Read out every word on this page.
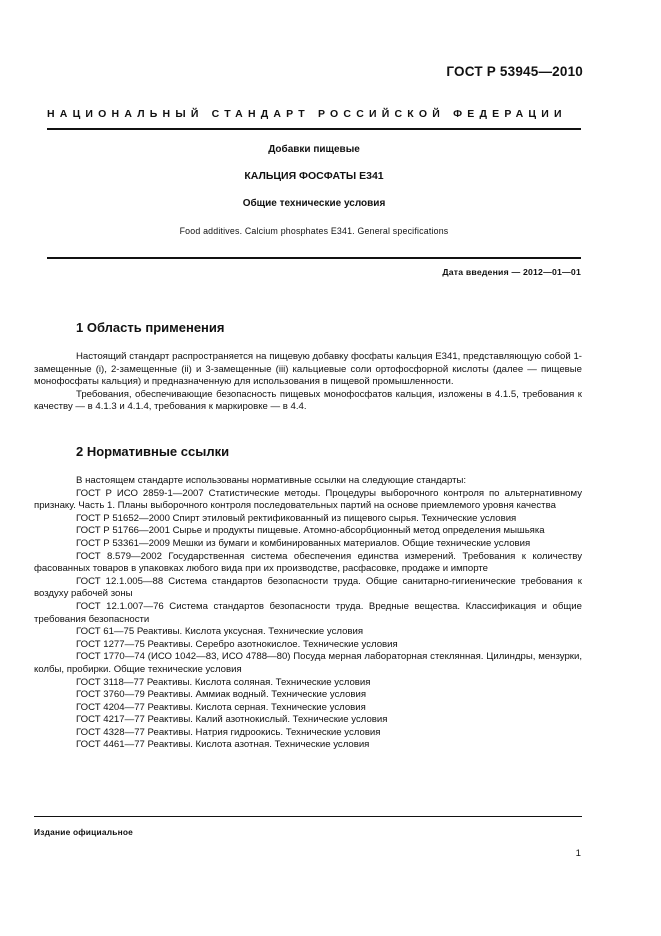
ГОСТ Р 53945—2010
НАЦИОНАЛЬНЫЙ СТАНДАРТ РОССИЙСКОЙ ФЕДЕРАЦИИ
Добавки пищевые
КАЛЬЦИЯ ФОСФАТЫ Е341
Общие технические условия
Food additives. Calcium phosphates E341. General specifications
Дата введения — 2012—01—01
1 Область применения

Настоящий стандарт распространяется на пищевую добавку фосфаты кальция Е341, представляющую собой 1-замещенные (i), 2-замещенные (ii) и 3-замещенные (iii) кальциевые соли ортофосфорной кислоты (далее — пищевые монофосфаты кальция) и предназначенную для использования в пищевой промышленности.

Требования, обеспечивающие безопасность пищевых монофосфатов кальция, изложены в 4.1.5, требования к качеству — в 4.1.3 и 4.1.4, требования к маркировке — в 4.4.

2 Нормативные ссылки

В настоящем стандарте использованы нормативные ссылки на следующие стандарты:

ГОСТ Р ИСО 2859-1—2007 Статистические методы. Процедуры выборочного контроля по альтернативному признаку. Часть 1. Планы выборочного контроля последовательных партий на основе приемлемого уровня качества

ГОСТ Р 51652—2000 Спирт этиловый ректификованный из пищевого сырья. Технические условия

ГОСТ Р 51766—2001 Сырье и продукты пищевые. Атомно-абсорбционный метод определения мышьяка

ГОСТ Р 53361—2009 Мешки из бумаги и комбинированных материалов. Общие технические условия

ГОСТ 8.579—2002 Государственная система обеспечения единства измерений. Требования к количеству фасованных товаров в упаковках любого вида при их производстве, расфасовке, продаже и импорте

ГОСТ 12.1.005—88 Система стандартов безопасности труда. Общие санитарно-гигиенические требования к воздуху рабочей зоны

ГОСТ 12.1.007—76 Система стандартов безопасности труда. Вредные вещества. Классификация и общие требования безопасности

ГОСТ 61—75 Реактивы. Кислота уксусная. Технические условия

ГОСТ 1277—75 Реактивы. Серебро азотнокислое. Технические условия

ГОСТ 1770—74 (ИСО 1042—83, ИСО 4788—80) Посуда мерная лабораторная стеклянная. Цилиндры, мензурки, колбы, пробирки. Общие технические условия

ГОСТ 3118—77 Реактивы. Кислота соляная. Технические условия

ГОСТ 3760—79 Реактивы. Аммиак водный. Технические условия

ГОСТ 4204—77 Реактивы. Кислота серная. Технические условия

ГОСТ 4217—77 Реактивы. Калий азотнокислый. Технические условия

ГОСТ 4328—77 Реактивы. Натрия гидроокись. Технические условия

ГОСТ 4461—77 Реактивы. Кислота азотная. Технические условия

Издание официальное
1
